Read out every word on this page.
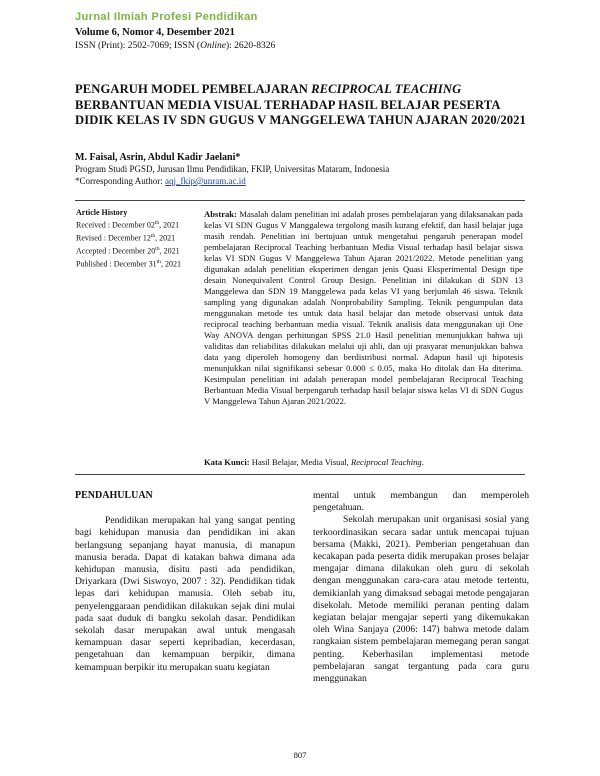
Jurnal Ilmiah Profesi Pendidikan
Volume 6, Nomor 4, Desember 2021
ISSN (Print): 2502-7069; ISSN (Online): 2620-8326
PENGARUH MODEL PEMBELAJARAN RECIPROCAL TEACHING BERBANTUAN MEDIA VISUAL TERHADAP HASIL BELAJAR PESERTA DIDIK KELAS IV SDN GUGUS V MANGGELEWA TAHUN AJARAN 2020/2021
M. Faisal, Asrin, Abdul Kadir Jaelani*
Program Studi PGSD, Jurusan Ilmu Pendidikan, FKIP, Universitas Mataram, Indonesia
*Corresponding Author: aqj_fkip@unram.ac.id
Article History
Received : December 02th, 2021
Revised : December 12th, 2021
Accepted : December 20th, 2021
Published : December 31th, 2021
Abstrak: Masalah dalam penelitian ini adalah proses pembelajaran yang dilaksanakan pada kelas VI SDN Gugus V Manggalewa tergolong masih kurang efektif, dan hasil belajar juga masih rendah. Penelitian ini bertujuan untuk mengetahui pengaruh penerapan model pembelajaran Reciprocal Teaching berbantuan Media Visual terhadap hasil belajar siswa kelas VI SDN Gugus V Manggelewa Tahun Ajaran 2021/2022. Metode penelitian yang digunakan adalah penelitian eksperimen dengan jenis Quasi Eksperimental Design tipe desain Nonequivalent Control Group Design. Penelitian ini dilakukan di SDN 13 Manggelewa dan SDN 19 Manggelewa pada kelas VI yang berjumlah 46 siswa. Teknik sampling yang digunakan adalah Nonprobability Sampling. Teknik pengumpulan data menggunakan metode tes untuk data hasil belajar dan metode observasi untuk data reciprocal teaching berbantuan media visual. Teknik analisis data menggunakan uji One Way ANOVA dengan perhitungan SPSS 21.0 Hasil penelitian menunjukkan bahwa uji validitas dan reliabilitas dilakukan melalui uji ahli, dan uji prasyarat menunjukkan bahwa data yang diperoleh homogeny dan berdistribusi normal. Adapun hasil uji hipotesis menunjukkan nilai signifikansi sebesar 0.000 ≤ 0.05, maka Ho ditolak dan Ha diterima. Kesimpulan penelitian ini adalah penerapan model pembelajaran Reciprocal Teaching Berbantuan Media Visual berpengaruh terhadap hasil belajar siswa kelas VI di SDN Gugus V Manggelewa Tahun Ajaran 2021/2022.
Kata Kunci: Hasil Belajar, Media Visual, Reciprocal Teaching.
PENDAHULUAN

Pendidikan merupakan hal yang sangat penting bagi kehidupan manusia dan pendidikan ini akan berlangsung sepanjang hayat manusia, di manapun manusia berada. Dapat di katakan bahwa dimana ada kehidupan manusia, disitu pasti ada pendidikan, Driyarkara (Dwi Siswoyo, 2007 : 32). Pendidikan tidak lepas dari kehidupan manusia. Oleh sebab itu, penyelenggaraan pendidikan dilakukan sejak dini mulai pada saat duduk di bangku sekolah dasar. Pendidikan sekolah dasar merupakan awal untuk mengasah kemampuan dasar seperti kepribadian, kecerdasan, pengetahuan dan kemampuan berpikir, dimana kemampuan berpikir itu merupakan suatu kegiatan

mental untuk membangun dan memperoleh pengetahuan.

Sekolah merupakan unit organisasi sosial yang terkoordinasikan secara sadar untuk mencapai tujuan bersama (Makki, 2021). Pemberian pengetahuan dan kecakapan pada peserta didik merupakan proses belajar mengajar dimana dilakukan oleh guru di sekolah dengan menggunakan cara-cara atau metode tertentu, demikianlah yang dimaksud sebagai metode pengajaran disekolah. Metode memiliki peranan penting dalam kegiatan belajar mengajar seperti yang dikemukakan oleh Wina Sanjaya (2006: 147) bahwa metode dalam rangkaian sistem pembelajaran memegang peran sangat penting. Keberhasilan implementasi metode pembelajaran sangat tergantung pada cara guru menggunakan

807
